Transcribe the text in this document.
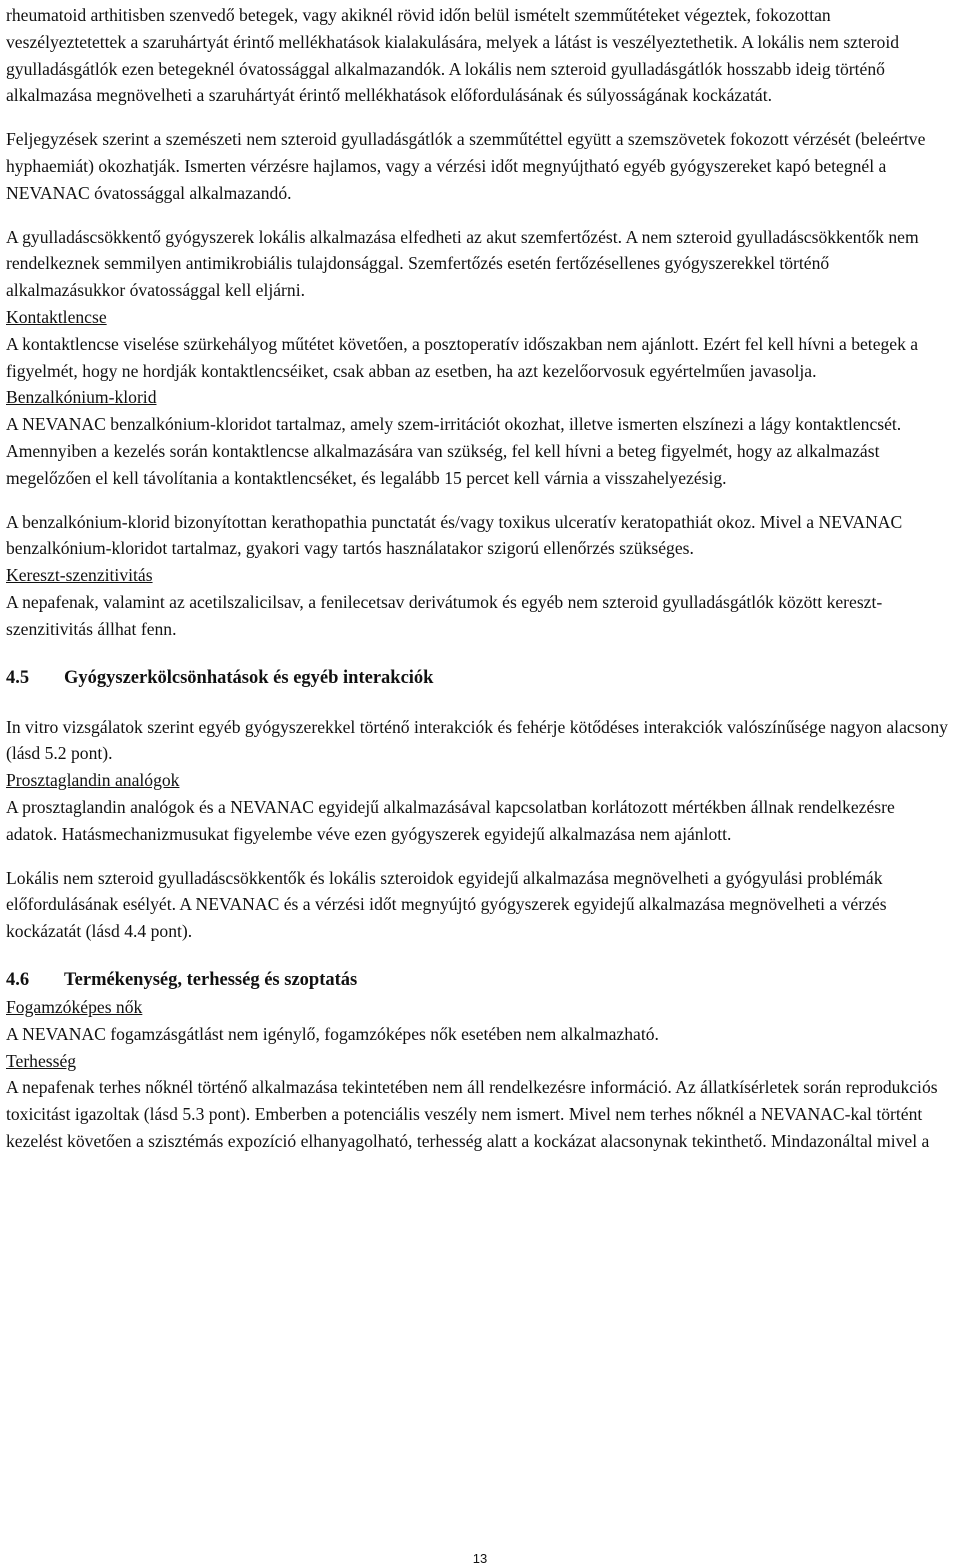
rheumatoid arthitisben szenvedő betegek, vagy akiknél rövid időn belül ismételt szemműtéteket végeztek, fokozottan veszélyeztetettek a szaruhártyát érintő mellékhatások kialakulására, melyek a látást is veszélyeztethetik. A lokális nem szteroid gyulladásgátlók ezen betegeknél óvatossággal alkalmazandók. A lokális nem szteroid gyulladásgátlók hosszabb ideig történő alkalmazása megnövelheti a szaruhártyát érintő mellékhatások előfordulásának és súlyosságának kockázatát.

Feljegyzések szerint a szemészeti nem szteroid gyulladásgátlók a szemműtéttel együtt a szemszövetek fokozott vérzését (beleértve hyphaemiát) okozhatják. Ismerten vérzésre hajlamos, vagy a vérzési időt megnyújtható egyéb gyógyszereket kapó betegnél a NEVANAC óvatossággal alkalmazandó.

A gyulladáscsökkentő gyógyszerek lokális alkalmazása elfedheti az akut szemfertőzést. A nem szteroid gyulladáscsökkentők nem rendelkeznek semmilyen antimikrobiális tulajdonsággal. Szemfertőzés esetén fertőzésellenes gyógyszerekkel történő alkalmazásukkor óvatossággal kell eljárni.

Kontaktlencse

A kontaktlencse viselése szürkehályog műtétet követően, a posztoperatív időszakban nem ajánlott. Ezért fel kell hívni a betegek a figyelmét, hogy ne hordják kontaktlencséiket, csak abban az esetben, ha azt kezelőorvosuk egyértelműen javasolja.

Benzalkónium-klorid

A NEVANAC benzalkónium-kloridot tartalmaz, amely szem-irritációt okozhat, illetve ismerten elszínezi a lágy kontaktlencsét. Amennyiben a kezelés során kontaktlencse alkalmazására van szükség, fel kell hívni a beteg figyelmét, hogy az alkalmazást megelőzően el kell távolítania a kontaktlencséket, és legalább 15 percet kell várnia a visszahelyezésig.

A benzalkónium-klorid bizonyítottan kerathopathia punctatát és/vagy toxikus ulceratív keratopathiát okoz. Mivel a NEVANAC benzalkónium-kloridot tartalmaz, gyakori vagy tartós használatakor szigorú ellenőrzés szükséges.

Kereszt-szenzitivitás

A nepafenak, valamint az acetilszalicilsav, a fenilecetsav derivátumok és egyéb nem szteroid gyulladásgátlók között kereszt-szenzitivitás állhat fenn.

4.5 Gyógyszerkölcsönhatások és egyéb interakciók

In vitro vizsgálatok szerint egyéb gyógyszerekkel történő interakciók és fehérje kötődéses interakciók valószínűsége nagyon alacsony (lásd 5.2 pont).

Prosztaglandin analógok

A prosztaglandin analógok és a NEVANAC egyidejű alkalmazásával kapcsolatban korlátozott mértékben állnak rendelkezésre adatok. Hatásmechanizmusukat figyelembe véve ezen gyógyszerek egyidejű alkalmazása nem ajánlott.

Lokális nem szteroid gyulladáscsökkentők és lokális szteroidok egyidejű alkalmazása megnövelheti a gyógyulási problémák előfordulásának esélyét. A NEVANAC és a vérzési időt megnyújtó gyógyszerek egyidejű alkalmazása megnövelheti a vérzés kockázatát (lásd 4.4 pont).

4.6 Termékenység, terhesség és szoptatás

Fogamzóképes nők

A NEVANAC fogamzásgátlást nem igénylő, fogamzóképes nők esetében nem alkalmazható.

Terhesség

A nepafenak terhes nőknél történő alkalmazása tekintetében nem áll rendelkezésre információ. Az állatkísérletek során reprodukciós toxicitást igazoltak (lásd 5.3 pont). Emberben a potenciális veszély nem ismert. Mivel nem terhes nőknél a NEVANAC-kal történt kezelést követően a szisztémás expozíció elhanyagolható, terhesség alatt a kockázat alacsonynak tekinthető. Mindazonáltal mivel a

13
